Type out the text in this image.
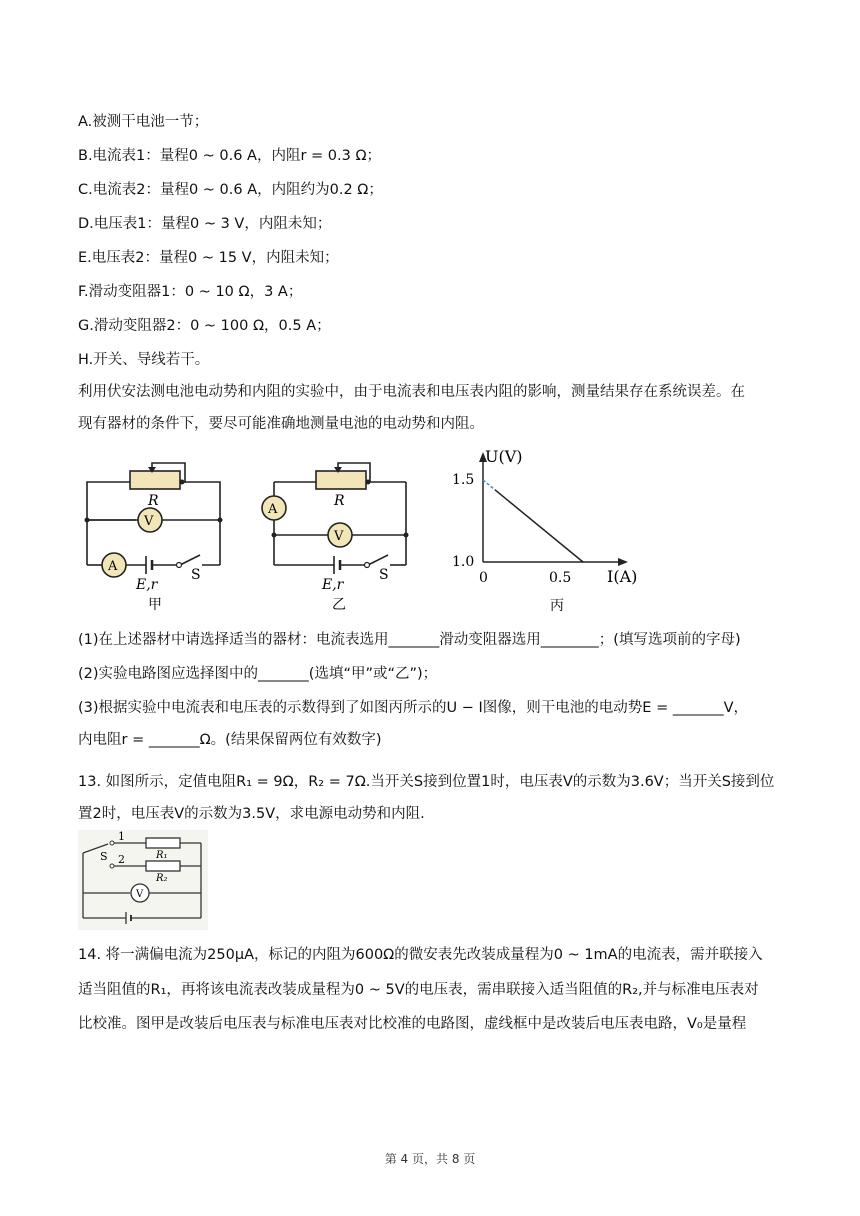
A.被测干电池一节；
B.电流表1：量程0 ~ 0.6 A，内阻r = 0.3 Ω；
C.电流表2：量程0 ~ 0.6 A，内阻约为0.2 Ω；
D.电压表1：量程0 ~ 3 V，内阻未知；
E.电压表2：量程0 ~ 15 V，内阻未知；
F.滑动变阻器1：0 ~ 10 Ω，3 A；
G.滑动变阻器2：0 ~ 100 Ω，0.5 A；
H.开关、导线若干。
利用伏安法测电池电动势和内阻的实验中，由于电流表和电压表内阻的影响，测量结果存在系统误差。在
现有器材的条件下，要尽可能准确地测量电池的电动势和内阻。
R
V
A
E,r
S
甲
R
V
A
E,r
S
乙
U(V)
I(A)
1.5
1.0
0	0.5
丙
(1)在上述器材中请选择适当的器材：电流表选用_______滑动变阻器选用________；(填写选项前的字母)
(2)实验电路图应选择图中的_______(选填“甲”或“乙”)；
(3)根据实验中电流表和电压表的示数得到了如图丙所示的U − I图像，则干电池的电动势E = _______V，
内电阻r = _______Ω。(结果保留两位有效数字)
13. 如图所示，定值电阻R₁ = 9Ω，R₂ = 7Ω.当开关S接到位置1时，电压表V的示数为3.6V；当开关S接到位
置2时，电压表V的示数为3.5V，求电源电动势和内阻.
S
1
2	R₁
R₂
V
14. 将一满偏电流为250μA，标记的内阻为600Ω的微安表先改装成量程为0 ~ 1mA的电流表，需并联接入
适当阻值的R₁，再将该电流表改装成量程为0 ~ 5V的电压表，需串联接入适当阻值的R₂,并与标准电压表对
比校准。图甲是改装后电压表与标准电压表对比校准的电路图，虚线框中是改装后电压表电路，V₀是量程
第 4 页，共 8 页
